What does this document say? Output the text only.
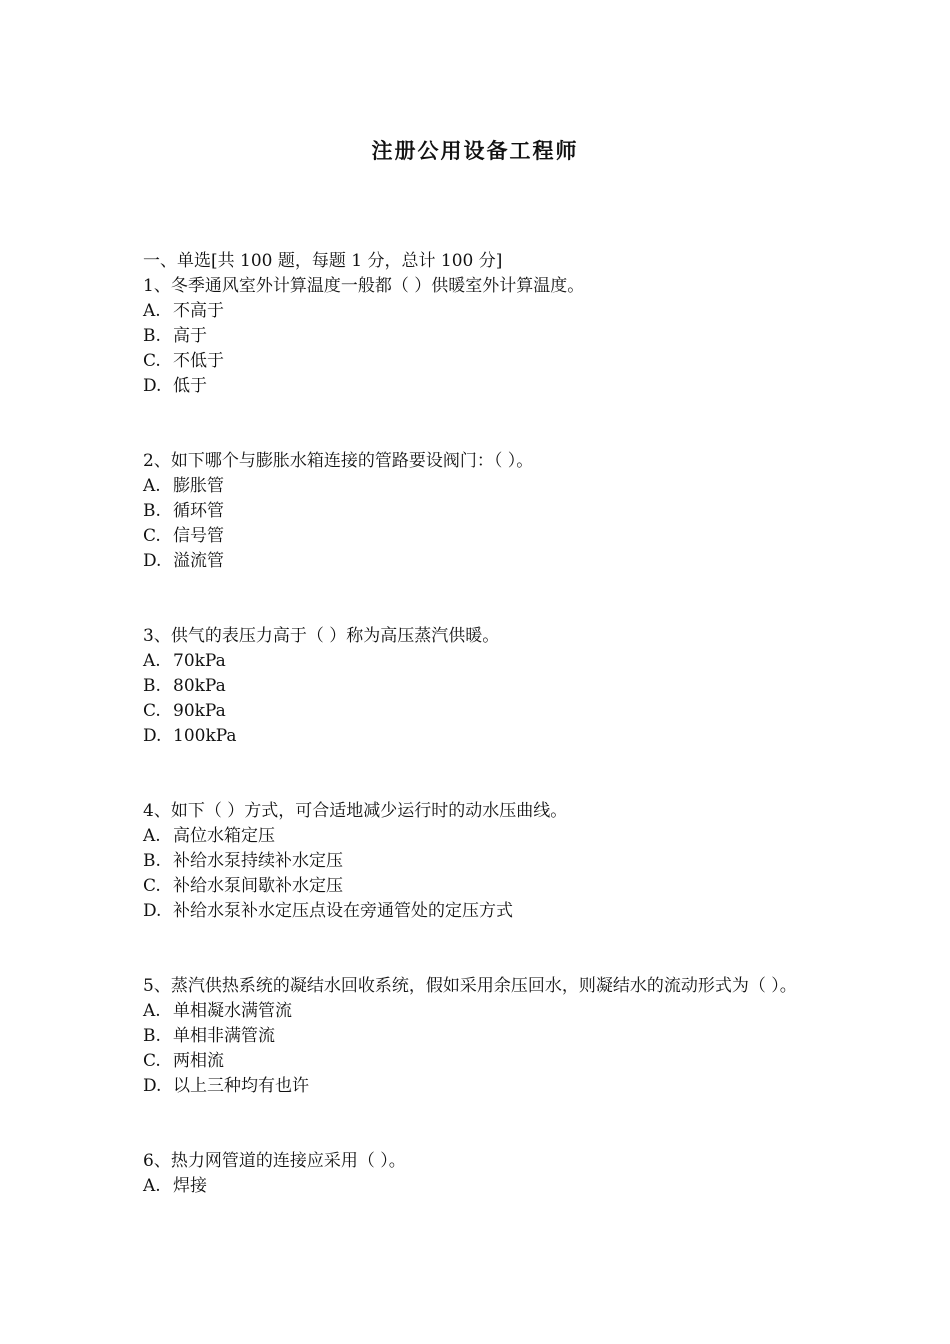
注册公用设备工程师
一、单选[共 100 题，每题 1 分，总计 100 分]
1、冬季通风室外计算温度一般都（ ）供暖室外计算温度。
A. 不高于
B. 高于
C. 不低于
D. 低于
2、如下哪个与膨胀水箱连接的管路要设阀门：（ ）。
A. 膨胀管
B. 循环管
C. 信号管
D. 溢流管
3、供气的表压力高于（ ）称为高压蒸汽供暖。
A. 70kPa
B. 80kPa
C. 90kPa
D. 100kPa
4、如下（ ）方式，可合适地减少运行时的动水压曲线。
A. 高位水箱定压
B. 补给水泵持续补水定压
C. 补给水泵间歇补水定压
D. 补给水泵补水定压点设在旁通管处的定压方式
5、蒸汽供热系统的凝结水回收系统，假如采用余压回水，则凝结水的流动形式为（ ）。
A. 单相凝水满管流
B. 单相非满管流
C. 两相流
D. 以上三种均有也许
6、热力网管道的连接应采用（ ）。
A. 焊接
